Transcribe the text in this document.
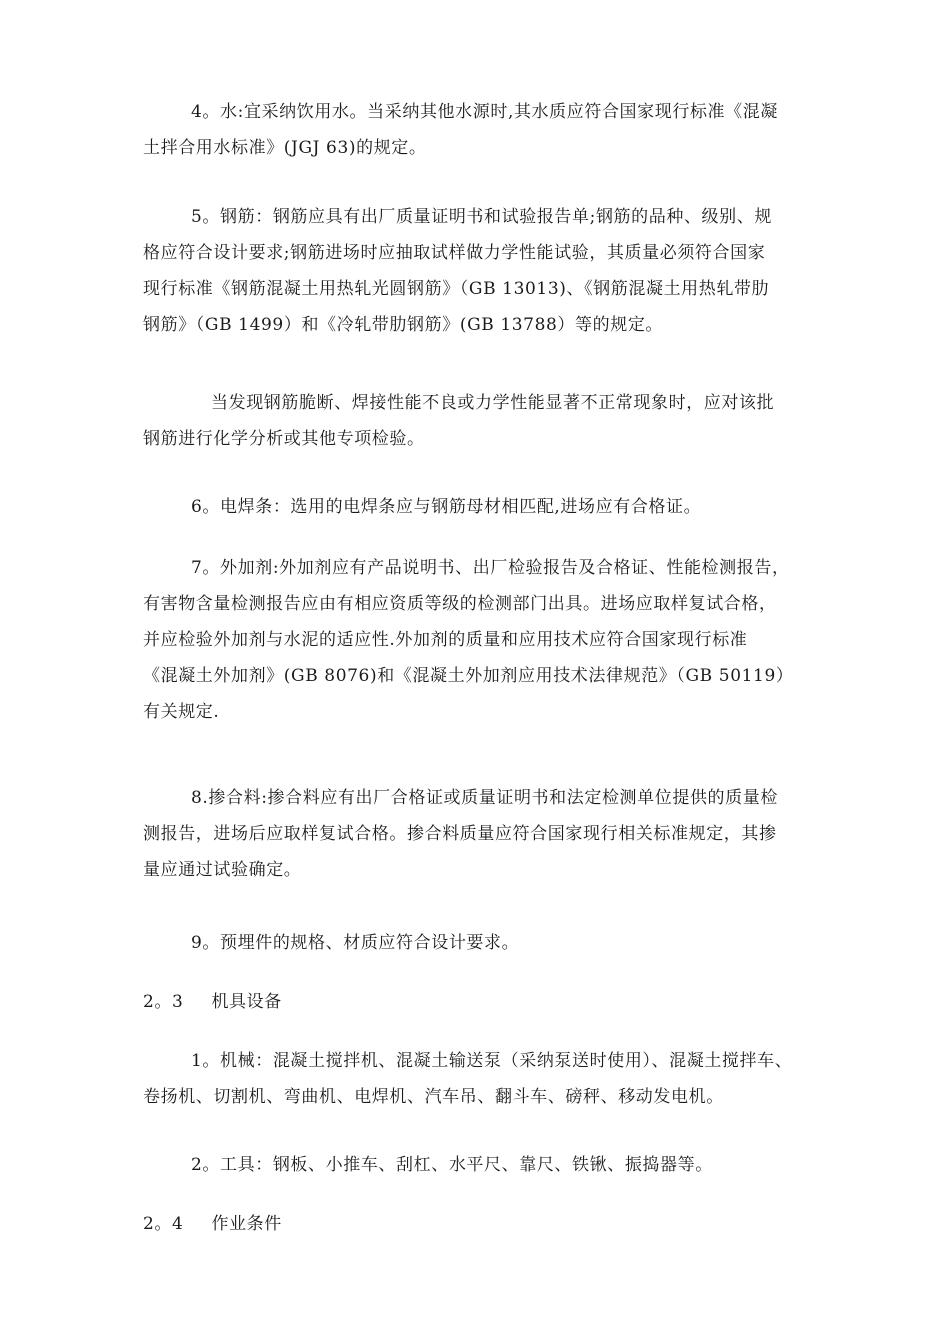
4。水:宜采纳饮用水。当采纳其他水源时,其水质应符合国家现行标准《混凝
土拌合用水标准》(JGJ 63)的规定。
5。钢筋：钢筋应具有出厂质量证明书和试验报告单;钢筋的品种、级别、规
格应符合设计要求;钢筋进场时应抽取试样做力学性能试验，其质量必须符合国家
现行标准《钢筋混凝土用热轧光圆钢筋》（GB 13013)、《钢筋混凝土用热轧带肋
钢筋》（GB 1499）和《冷轧带肋钢筋》(GB 13788）等的规定。
当发现钢筋脆断、焊接性能不良或力学性能显著不正常现象时，应对该批
钢筋进行化学分析或其他专项检验。
6。电焊条：选用的电焊条应与钢筋母材相匹配,进场应有合格证。
7。外加剂:外加剂应有产品说明书、出厂检验报告及合格证、性能检测报告，
有害物含量检测报告应由有相应资质等级的检测部门出具。进场应取样复试合格，
并应检验外加剂与水泥的适应性.外加剂的质量和应用技术应符合国家现行标准
《混凝土外加剂》(GB 8076)和《混凝土外加剂应用技术法律规范》（GB 50119）
有关规定.
8.掺合料:掺合料应有出厂合格证或质量证明书和法定检测单位提供的质量检
测报告，进场后应取样复试合格。掺合料质量应符合国家现行相关标准规定，其掺
量应通过试验确定。
9。预埋件的规格、材质应符合设计要求。
2。3 机具设备
1。机械：混凝土搅拌机、混凝土输送泵（采纳泵送时使用）、混凝土搅拌车、
卷扬机、切割机、弯曲机、电焊机、汽车吊、翻斗车、磅秤、移动发电机。
2。工具：钢板、小推车、刮杠、水平尺、靠尺、铁锹、振捣器等。
2。4 作业条件
